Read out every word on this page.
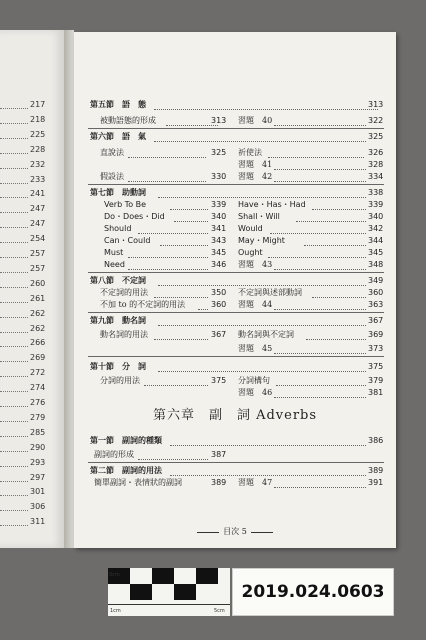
217
218
225
228
232
233
241
247
247
254
257
257
260
261
262
262
266
269
272
274
276
279
285
290
293
297
301
306
311
第五節　語　態	313
被動語態的形成	313 習題　40	322
第六節　語　氣	325
直說法	325 祈使法	326
習題　41	328
假設法	330 習題　42	334
第七節　助動詞	338
Verb To Be	339 Have・Has・Had	339
Do・Does・Did	340 Shall・Will	340
Should	341 Would	342
Can・Could	343 May・Might	344
Must	345 Ought	345
Need	346 習題　43	348
第八節　不定詞	349
不定詞的用法	350 不定詞與述部動詞	360
不加 to 的不定詞的用法	360 習題　44	363
第九節　動名詞	367
動名詞的用法	367 動名詞與不定詞	369
習題　45	373
第十節　分　詞	375
分詞的用法	375 分詞構句	379
習題　46	381
第六章　副　詞 Adverbs
第一節　副詞的種類	386
副詞的形成	387
第二節　副詞的用法	389
簡單副詞・表情狀的副詞	389 習題　47	391
目次 5
0cm
1cm	5cm
2019.024.0603
